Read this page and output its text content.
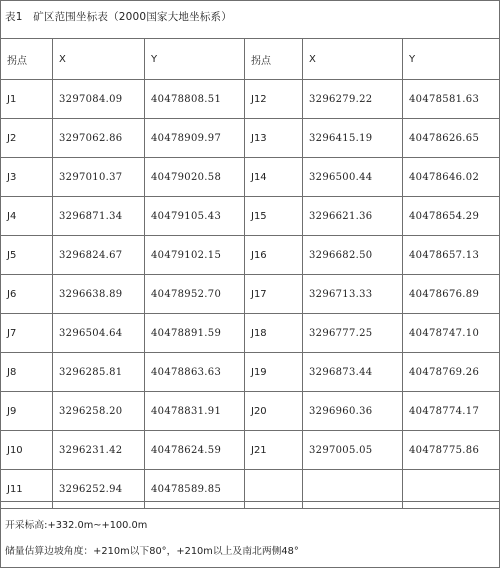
表1   矿区范围坐标表（2000国家大地坐标系）
拐点	X	Y	拐点	X	Y
J1	3297084.09	40478808.51	J12	3296279.22	40478581.63
J2	3297062.86	40478909.97	J13	3296415.19	40478626.65
J3	3297010.37	40479020.58	J14	3296500.44	40478646.02
J4	3296871.34	40479105.43	J15	3296621.36	40478654.29
J5	3296824.67	40479102.15	J16	3296682.50	40478657.13
J6	3296638.89	40478952.70	J17	3296713.33	40478676.89
J7	3296504.64	40478891.59	J18	3296777.25	40478747.10
J8	3296285.81	40478863.63	J19	3296873.44	40478769.26
J9	3296258.20	40478831.91	J20	3296960.36	40478774.17
J10	3296231.42	40478624.59	J21	3297005.05	40478775.86
J11	3296252.94	40478589.85			
开采标高:+332.0m~+100.0m
储量估算边坡角度：+210m以下80°，+210m以上及南北两侧48°
